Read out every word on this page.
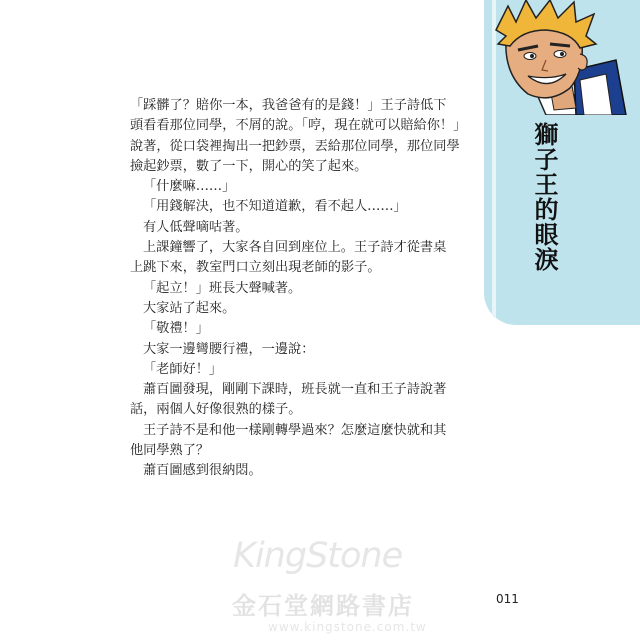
獅子王的眼淚

「踩髒了？賠你一本，我爸爸有的是錢！」王子詩低下

頭看看那位同學，不屑的說。「哼，現在就可以賠給你！」

說著，從口袋裡掏出一把鈔票，丟給那位同學，那位同學

撿起鈔票，數了一下，開心的笑了起來。

「什麼嘛……」

「用錢解決，也不知道道歉，看不起人……」

有人低聲嘀咕著。

上課鐘響了，大家各自回到座位上。王子詩才從書桌

上跳下來，教室門口立刻出現老師的影子。

「起立！」班長大聲喊著。

大家站了起來。

「敬禮！」

大家一邊彎腰行禮，一邊說：

「老師好！」

蕭百圖發現，剛剛下課時，班長就一直和王子詩說著

話，兩個人好像很熟的樣子。

王子詩不是和他一樣剛轉學過來？怎麼這麼快就和其

他同學熟了？

蕭百圖感到很納悶。

KingStone
金石堂網路書店
www.kingstone.com.tw
011
